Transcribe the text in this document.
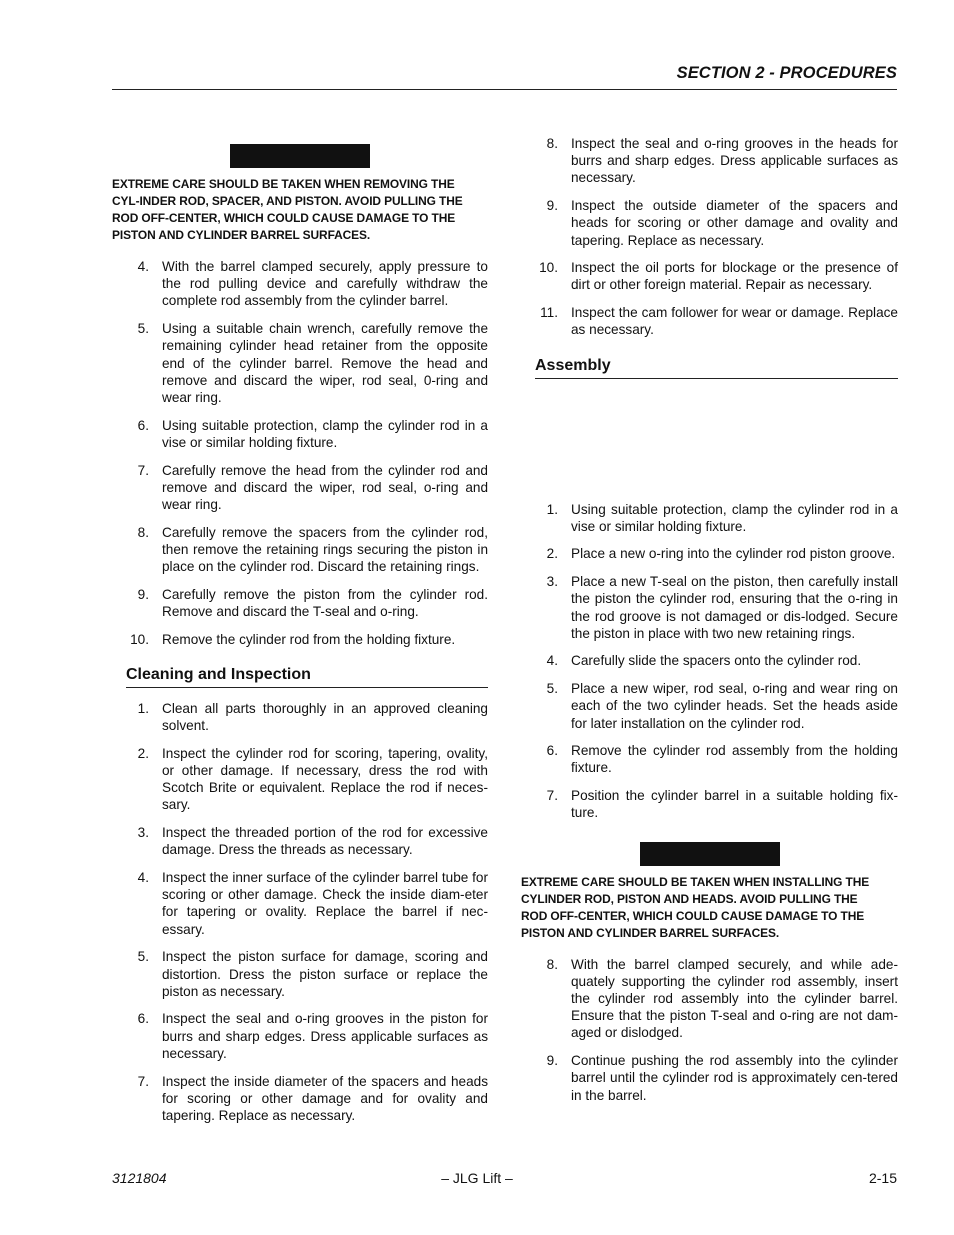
SECTION 2 - PROCEDURES
EXTREME CARE SHOULD BE TAKEN WHEN REMOVING THE CYL-INDER ROD, SPACER, AND PISTON. AVOID PULLING THE ROD OFF-CENTER, WHICH COULD CAUSE DAMAGE TO THE PISTON AND CYLINDER BARREL SURFACES.
4. With the barrel clamped securely, apply pressure to the rod pulling device and carefully withdraw the complete rod assembly from the cylinder barrel.
5. Using a suitable chain wrench, carefully remove the remaining cylinder head retainer from the opposite end of the cylinder barrel. Remove the head and remove and discard the wiper, rod seal, 0-ring and wear ring.
6. Using suitable protection, clamp the cylinder rod in a vise or similar holding fixture.
7. Carefully remove the head from the cylinder rod and remove and discard the wiper, rod seal, o-ring and wear ring.
8. Carefully remove the spacers from the cylinder rod, then remove the retaining rings securing the piston in place on the cylinder rod. Discard the retaining rings.
9. Carefully remove the piston from the cylinder rod. Remove and discard the T-seal and o-ring.
10. Remove the cylinder rod from the holding fixture.
Cleaning and Inspection
1. Clean all parts thoroughly in an approved cleaning solvent.
2. Inspect the cylinder rod for scoring, tapering, ovality, or other damage. If necessary, dress the rod with Scotch Brite or equivalent. Replace the rod if neces-sary.
3. Inspect the threaded portion of the rod for excessive damage. Dress the threads as necessary.
4. Inspect the inner surface of the cylinder barrel tube for scoring or other damage. Check the inside diam-eter for tapering or ovality. Replace the barrel if nec-essary.
5. Inspect the piston surface for damage, scoring and distortion. Dress the piston surface or replace the piston as necessary.
6. Inspect the seal and o-ring grooves in the piston for burrs and sharp edges. Dress applicable surfaces as necessary.
7. Inspect the inside diameter of the spacers and heads for scoring or other damage and for ovality and tapering. Replace as necessary.
8. Inspect the seal and o-ring grooves in the heads for burrs and sharp edges. Dress applicable surfaces as necessary.
9. Inspect the outside diameter of the spacers and heads for scoring or other damage and ovality and tapering. Replace as necessary.
10. Inspect the oil ports for blockage or the presence of dirt or other foreign material. Repair as necessary.
11. Inspect the cam follower for wear or damage. Replace as necessary.
Assembly
1. Using suitable protection, clamp the cylinder rod in a vise or similar holding fixture.
2. Place a new o-ring into the cylinder rod piston groove.
3. Place a new T-seal on the piston, then carefully install the piston the cylinder rod, ensuring that the o-ring in the rod groove is not damaged or dis-lodged. Secure the piston in place with two new retaining rings.
4. Carefully slide the spacers onto the cylinder rod.
5. Place a new wiper, rod seal, o-ring and wear ring on each of the two cylinder heads. Set the heads aside for later installation on the cylinder rod.
6. Remove the cylinder rod assembly from the holding fixture.
7. Position the cylinder barrel in a suitable holding fix-ture.
EXTREME CARE SHOULD BE TAKEN WHEN INSTALLING THE CYLINDER ROD, PISTON AND HEADS. AVOID PULLING THE ROD OFF-CENTER, WHICH COULD CAUSE DAMAGE TO THE PISTON AND CYLINDER BARREL SURFACES.
8. With the barrel clamped securely, and while ade-quately supporting the cylinder rod assembly, insert the cylinder rod assembly into the cylinder barrel. Ensure that the piston T-seal and o-ring are not dam-aged or dislodged.
9. Continue pushing the rod assembly into the cylinder barrel until the cylinder rod is approximately cen-tered in the barrel.
3121804	– JLG Lift –	2-15
